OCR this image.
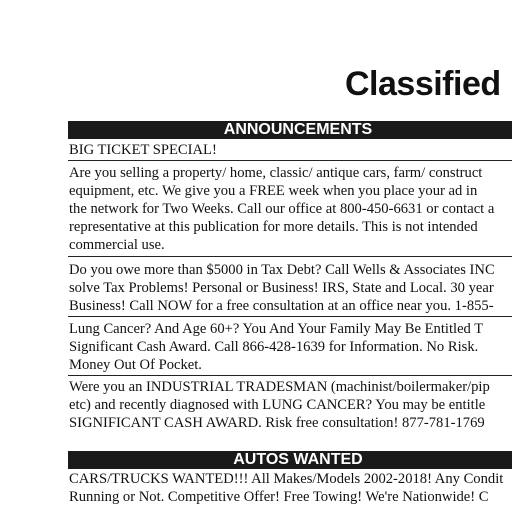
Classified
ANNOUNCEMENTS
BIG TICKET SPECIAL!
Are you selling a property/ home, classic/ antique cars, farm/ construct
equipment, etc. We give you a FREE week when you place your ad in
the network for Two Weeks. Call our office at 800-450-6631 or contact a
representative at this publication for more details. This is not intended
commercial use.
Do you owe more than $5000 in Tax Debt? Call Wells & Associates INC
solve Tax Problems! Personal or Business! IRS, State and Local. 30 year
Business! Call NOW for a free consultation at an office near you. 1-855-
Lung Cancer? And Age 60+? You And Your Family May Be Entitled T
Significant Cash Award. Call 866-428-1639 for Information. No Risk.
Money Out Of Pocket.
Were you an INDUSTRIAL TRADESMAN (machinist/boilermaker/pip
etc) and recently diagnosed with LUNG CANCER? You may be entitle
SIGNIFICANT CASH AWARD. Risk free consultation! 877-781-1769
AUTOS WANTED
CARS/TRUCKS WANTED!!! All Makes/Models 2002-2018! Any Condit
Running or Not. Competitive Offer! Free Towing! We're Nationwide! C
